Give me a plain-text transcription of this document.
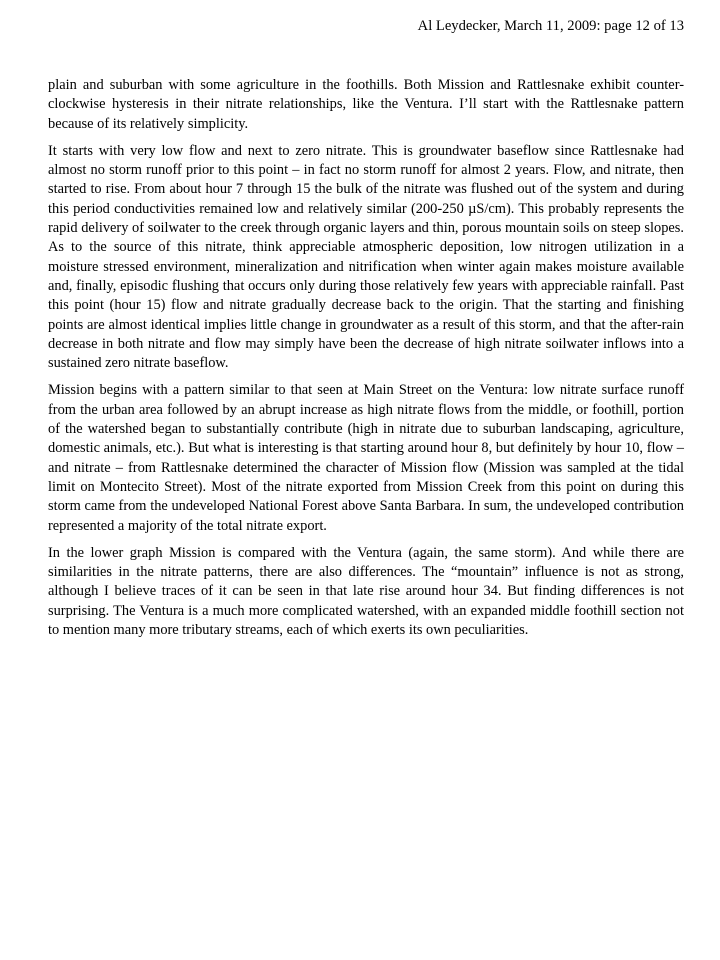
Al Leydecker, March 11, 2009: page 12 of 13

plain and suburban with some agriculture in the foothills. Both Mission and Rattlesnake exhibit counter-clockwise hysteresis in their nitrate relationships, like the Ventura. I’ll start with the Rattlesnake pattern because of its relatively simplicity.

It starts with very low flow and next to zero nitrate. This is groundwater baseflow since Rattlesnake had almost no storm runoff prior to this point – in fact no storm runoff for almost 2 years. Flow, and nitrate, then started to rise. From about hour 7 through 15 the bulk of the nitrate was flushed out of the system and during this period conductivities remained low and relatively similar (200-250 µS/cm). This probably represents the rapid delivery of soilwater to the creek through organic layers and thin, porous mountain soils on steep slopes. As to the source of this nitrate, think appreciable atmospheric deposition, low nitrogen utilization in a moisture stressed environment, mineralization and nitrification when winter again makes moisture available and, finally, episodic flushing that occurs only during those relatively few years with appreciable rainfall. Past this point (hour 15) flow and nitrate gradually decrease back to the origin. That the starting and finishing points are almost identical implies little change in groundwater as a result of this storm, and that the after-rain decrease in both nitrate and flow may simply have been the decrease of high nitrate soilwater inflows into a sustained zero nitrate baseflow.

Mission begins with a pattern similar to that seen at Main Street on the Ventura: low nitrate surface runoff from the urban area followed by an abrupt increase as high nitrate flows from the middle, or foothill, portion of the watershed began to substantially contribute (high in nitrate due to suburban landscaping, agriculture, domestic animals, etc.). But what is interesting is that starting around hour 8, but definitely by hour 10, flow – and nitrate – from Rattlesnake determined the character of Mission flow (Mission was sampled at the tidal limit on Montecito Street). Most of the nitrate exported from Mission Creek from this point on during this storm came from the undeveloped National Forest above Santa Barbara. In sum, the undeveloped contribution represented a majority of the total nitrate export.

In the lower graph Mission is compared with the Ventura (again, the same storm). And while there are similarities in the nitrate patterns, there are also differences. The “mountain” influence is not as strong, although I believe traces of it can be seen in that late rise around hour 34. But finding differences is not surprising. The Ventura is a much more complicated watershed, with an expanded middle foothill section not to mention many more tributary streams, each of which exerts its own peculiarities.
